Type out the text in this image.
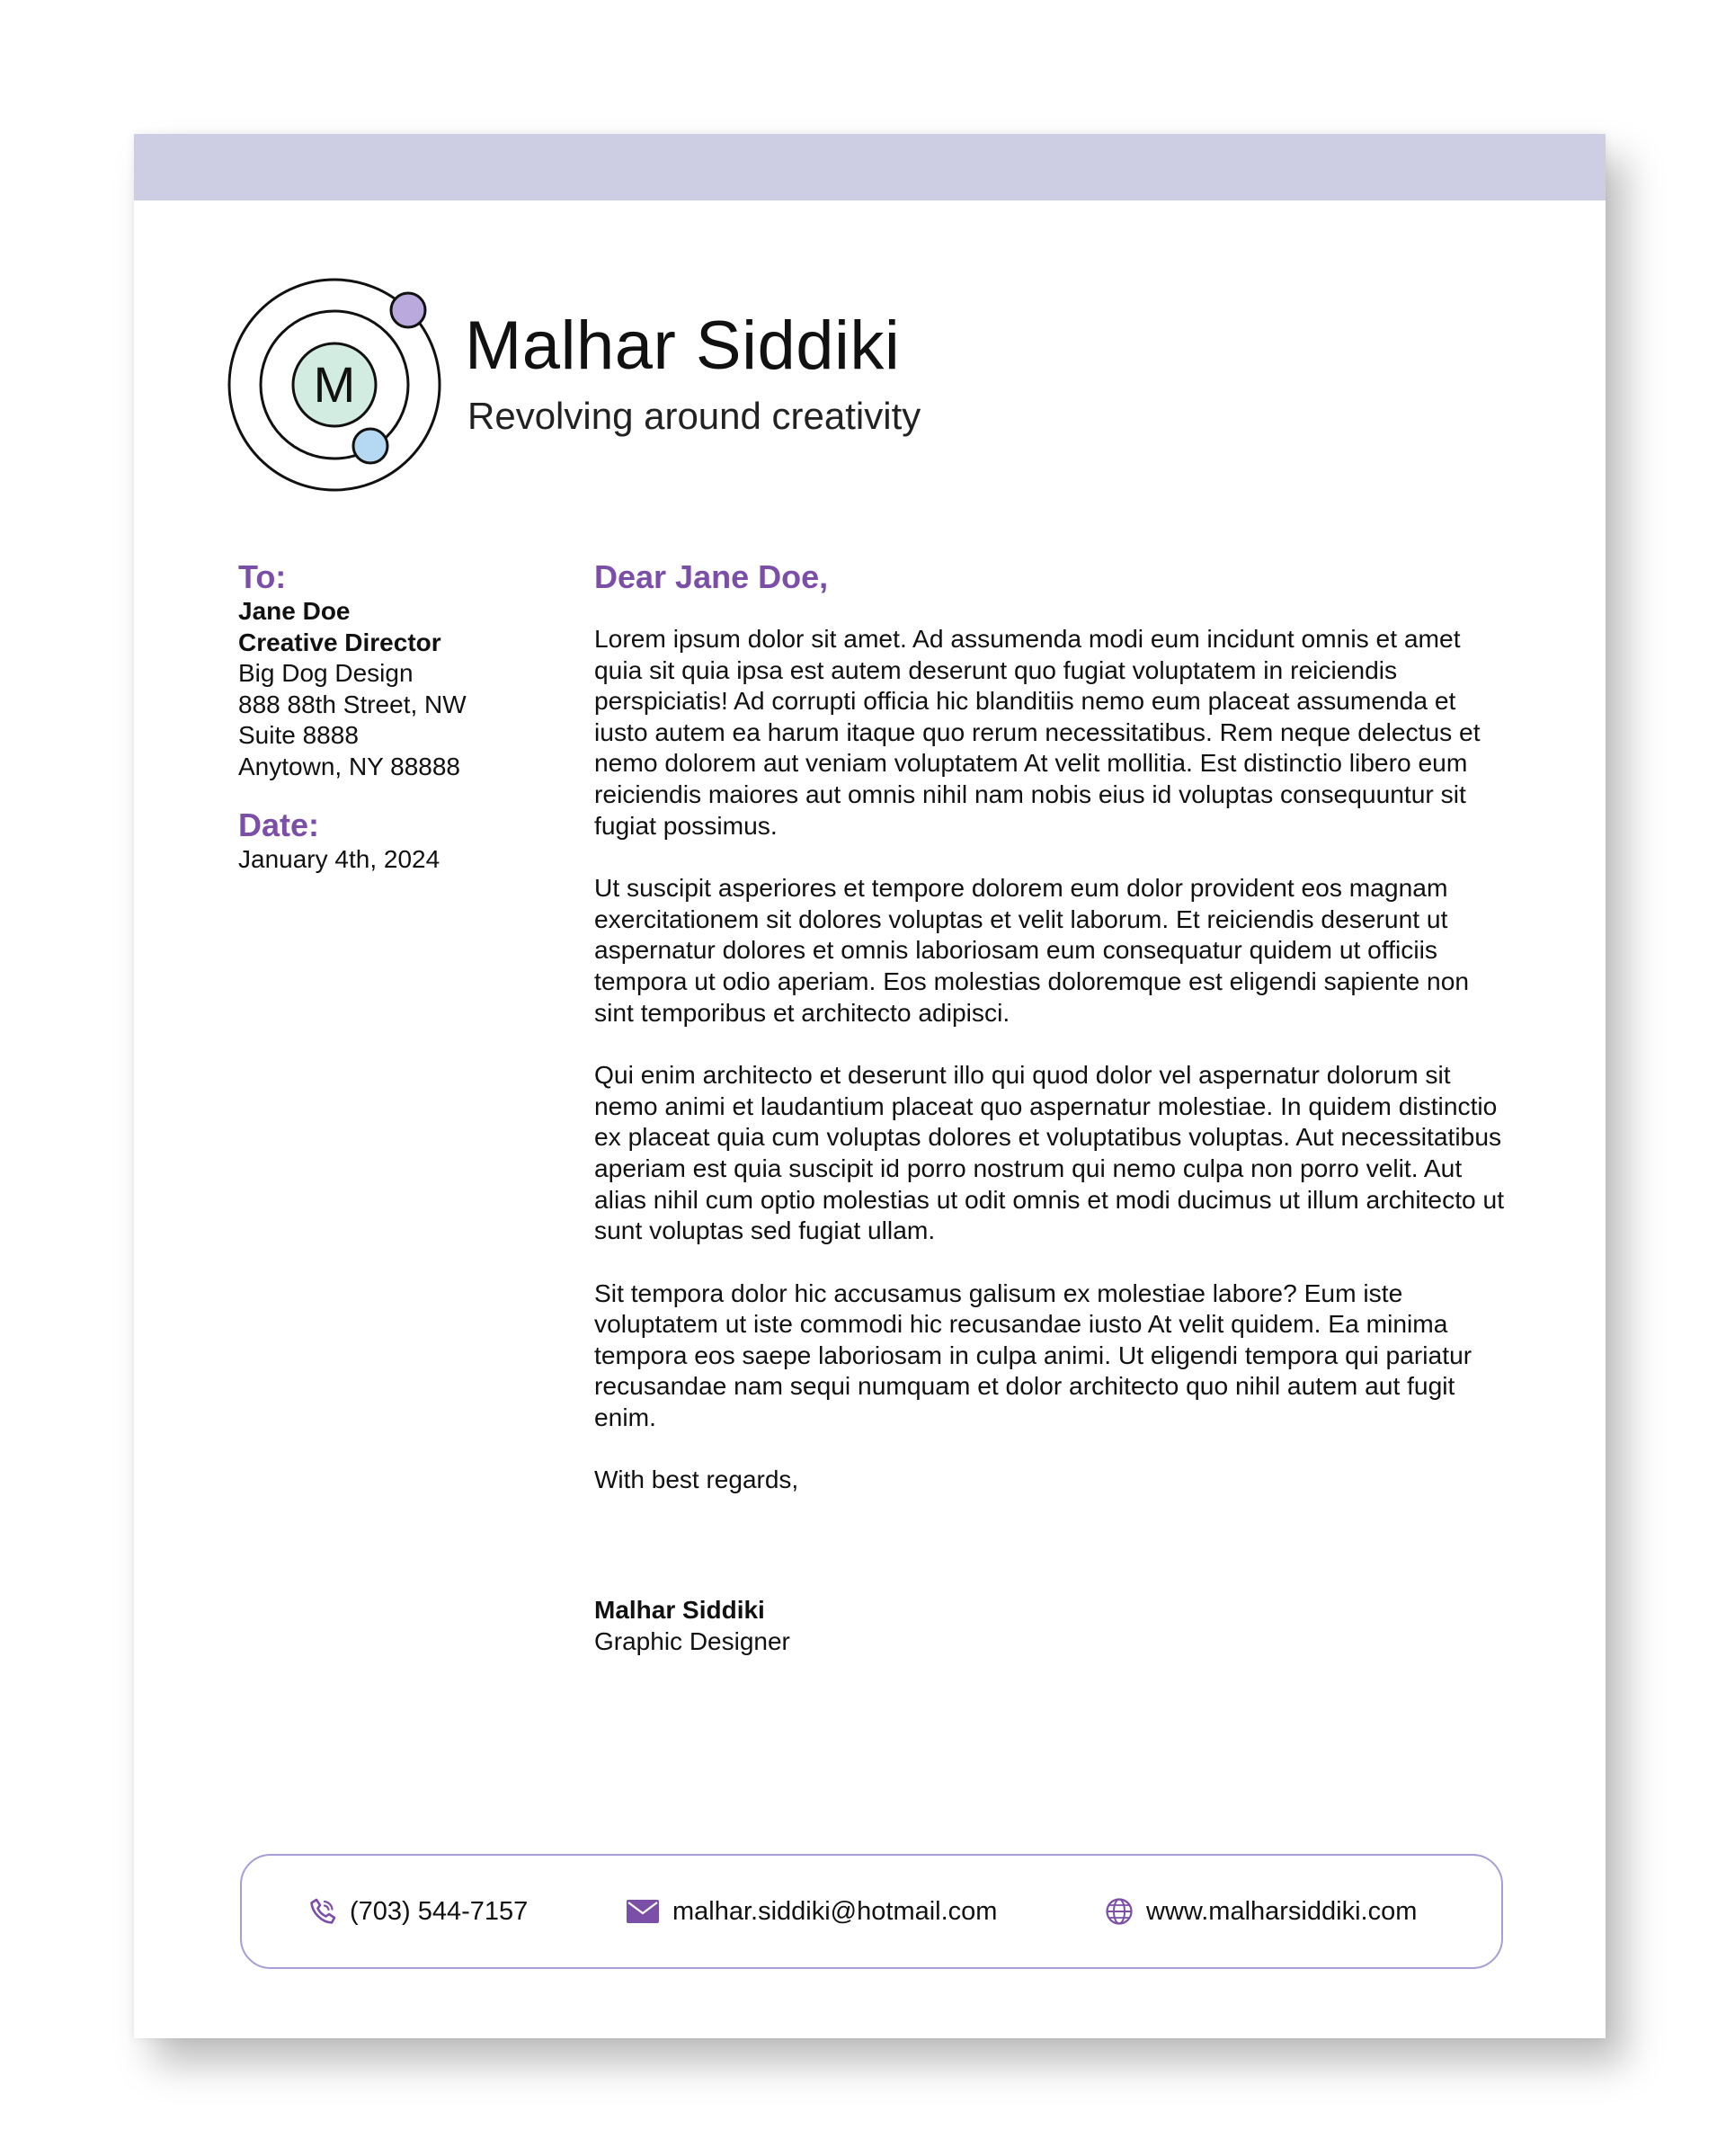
M
Malhar Siddiki
Revolving around creativity
To:
Jane Doe
Creative Director
Big Dog Design
888 88th Street, NW
Suite 8888
Anytown, NY 88888
Date:
January 4th, 2024
Dear Jane Doe,

Lorem ipsum dolor sit amet. Ad assumenda modi eum incidunt omnis et amet quia sit quia ipsa est autem deserunt quo fugiat voluptatem in reiciendis perspiciatis! Ad corrupti officia hic blanditiis nemo eum placeat assumenda et iusto autem ea harum itaque quo rerum necessitatibus. Rem neque delectus et nemo dolorem aut veniam voluptatem At velit mollitia. Est distinctio libero eum reiciendis maiores aut omnis nihil nam nobis eius id voluptas consequuntur sit fugiat possimus.

Ut suscipit asperiores et tempore dolorem eum dolor provident eos magnam exercitationem sit dolores voluptas et velit laborum. Et reiciendis deserunt ut aspernatur dolores et omnis laboriosam eum consequatur quidem ut officiis tempora ut odio aperiam. Eos molestias doloremque est eligendi sapiente non sint temporibus et architecto adipisci.

Qui enim architecto et deserunt illo qui quod dolor vel aspernatur dolorum sit nemo animi et laudantium placeat quo aspernatur molestiae. In quidem distinctio ex placeat quia cum voluptas dolores et voluptatibus voluptas. Aut necessitatibus aperiam est quia suscipit id porro nostrum qui nemo culpa non porro velit. Aut alias nihil cum optio molestias ut odit omnis et modi ducimus ut illum architecto ut sunt voluptas sed fugiat ullam.

Sit tempora dolor hic accusamus galisum ex molestiae labore? Eum iste voluptatem ut iste commodi hic recusandae iusto At velit quidem. Ea minima tempora eos saepe laboriosam in culpa animi. Ut eligendi tempora qui pariatur recusandae nam sequi numquam et dolor architecto quo nihil autem aut fugit enim.

With best regards,

Malhar Siddiki
Graphic Designer
(703) 544-7157	malhar.siddiki@hotmail.com	www.malharsiddiki.com
